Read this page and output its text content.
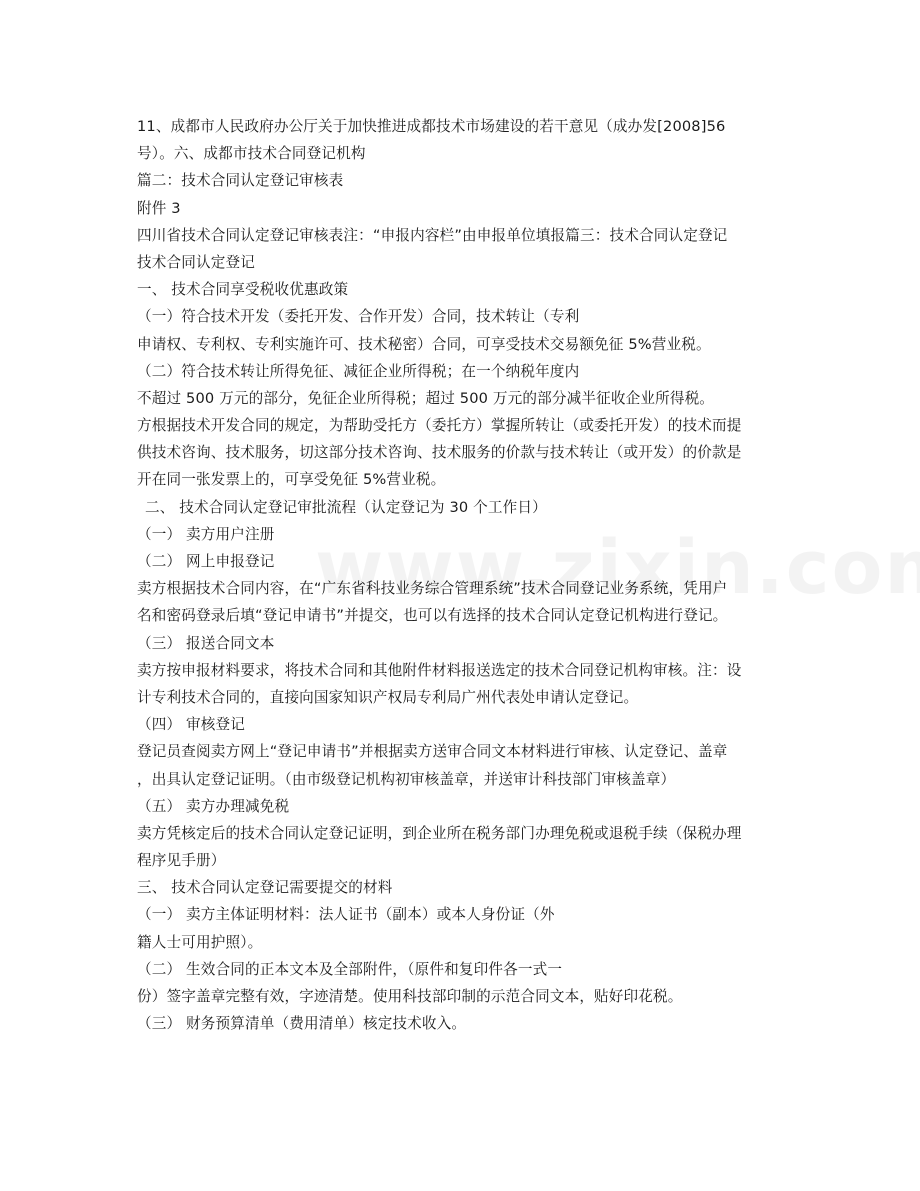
11、成都市人民政府办公厅关于加快推进成都技术市场建设的若干意见（成办发[2008]56
号）。六、成都市技术合同登记机构
篇二：技术合同认定登记审核表
附件 3
四川省技术合同认定登记审核表注：“申报内容栏”由申报单位填报篇三：技术合同认定登记
技术合同认定登记
一、 技术合同享受税收优惠政策
（一）符合技术开发（委托开发、合作开发）合同，技术转让（专利
申请权、专利权、专利实施许可、技术秘密）合同，可享受技术交易额免征 5%营业税。
（二）符合技术转让所得免征、减征企业所得税；在一个纳税年度内
不超过 500 万元的部分，免征企业所得税；超过 500 万元的部分减半征收企业所得税。
方根据技术开发合同的规定，为帮助受托方（委托方）掌握所转让（或委托开发）的技术而提
供技术咨询、技术服务，切这部分技术咨询、技术服务的价款与技术转让（或开发）的价款是
开在同一张发票上的，可享受免征 5%营业税。
二、 技术合同认定登记审批流程（认定登记为 30 个工作日）
（一） 卖方用户注册
（二） 网上申报登记
卖方根据技术合同内容，在“广东省科技业务综合管理系统”技术合同登记业务系统，凭用户
名和密码登录后填“登记申请书”并提交，也可以有选择的技术合同认定登记机构进行登记。
（三） 报送合同文本
卖方按申报材料要求，将技术合同和其他附件材料报送选定的技术合同登记机构审核。注：设
计专利技术合同的，直接向国家知识产权局专利局广州代表处申请认定登记。
（四） 审核登记
登记员查阅卖方网上“登记申请书”并根据卖方送审合同文本材料进行审核、认定登记、盖章
，出具认定登记证明。（由市级登记机构初审核盖章，并送审计科技部门审核盖章）
（五） 卖方办理减免税
卖方凭核定后的技术合同认定登记证明，到企业所在税务部门办理免税或退税手续（保税办理
程序见手册）
三、 技术合同认定登记需要提交的材料
（一） 卖方主体证明材料：法人证书（副本）或本人身份证（外
籍人士可用护照）。
（二） 生效合同的正本文本及全部附件，（原件和复印件各一式一
份）签字盖章完整有效，字迹清楚。使用科技部印制的示范合同文本，贴好印花税。
（三） 财务预算清单（费用清单）核定技术收入。
